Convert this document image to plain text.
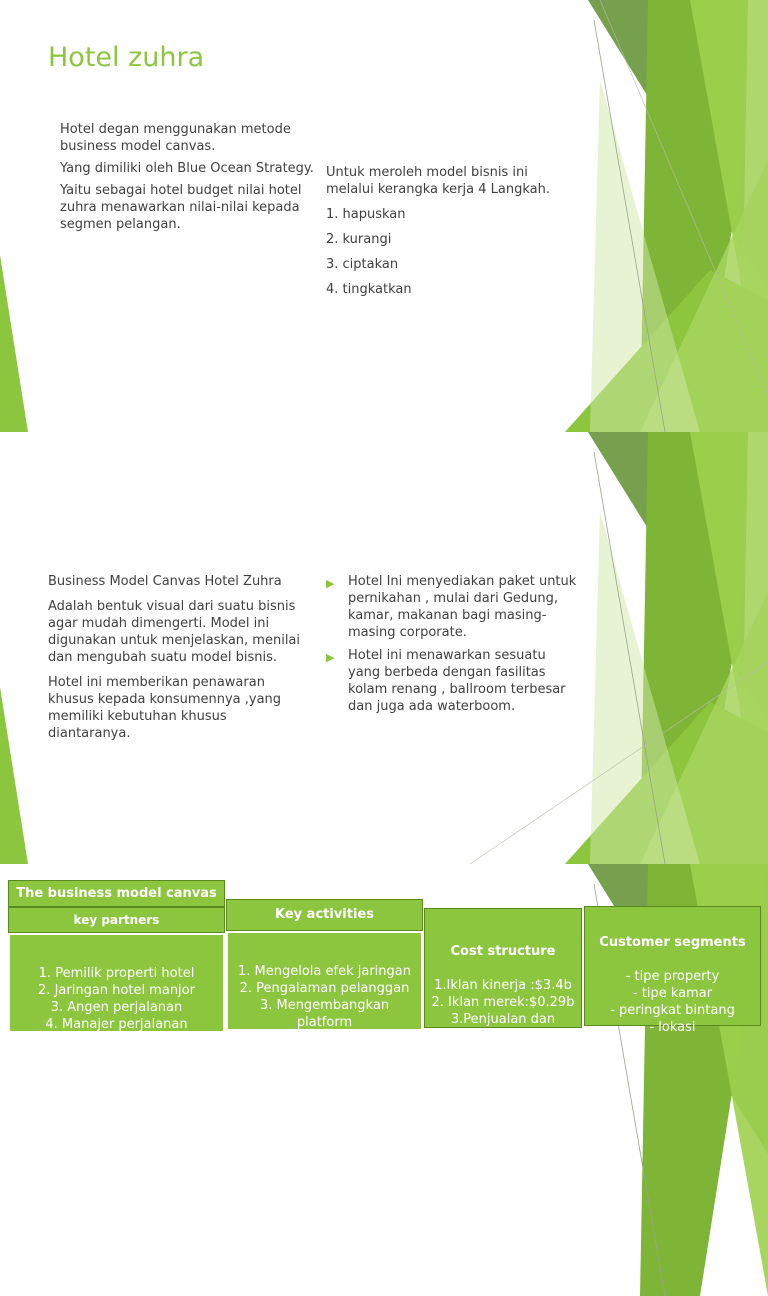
Hotel zuhra

Hotel degan menggunakan metode business model canvas.

Yang dimiliki oleh Blue Ocean Strategy.

Yaitu sebagai hotel budget nilai hotel zuhra menawarkan nilai-nilai kepada segmen pelangan.

Untuk meroleh model bisnis ini melalui kerangka kerja 4 Langkah.

1. hapuskan

2. kurangi

3. ciptakan

4. tingkatkan

Business Model Canvas Hotel Zuhra

Adalah bentuk visual dari suatu bisnis agar mudah dimengerti. Model ini digunakan untuk menjelaskan, menilai dan mengubah suatu model bisnis.

Hotel ini memberikan penawaran khusus kepada konsumennya ,yang memiliki kebutuhan khusus diantaranya.

▶ Hotel Ini menyediakan paket untuk pernikahan , mulai dari Gedung, kamar, makanan bagi masing-masing corporate.
▶ Hotel ini menawarkan sesuatu yang berbeda dengan fasilitas kolam renang , ballroom terbesar dan juga ada waterboom.
The business model canvas
key partners
1. Pemilik properti hotel
2. Jaringan hotel manjor
3. Angen perjalanan
4. Manajer perjalanan
Key activities
1. Mengelola efek jaringan
2. Pengalaman pelanggan
3. Mengembangkan
platform
Cost structure
1.Iklan kinerja :$3.4b
2. Iklan merek:$0.29b
3.Penjualan dan
Customer segments
- tipe property
- tipe kamar
- peringkat bintang
- lokasi
